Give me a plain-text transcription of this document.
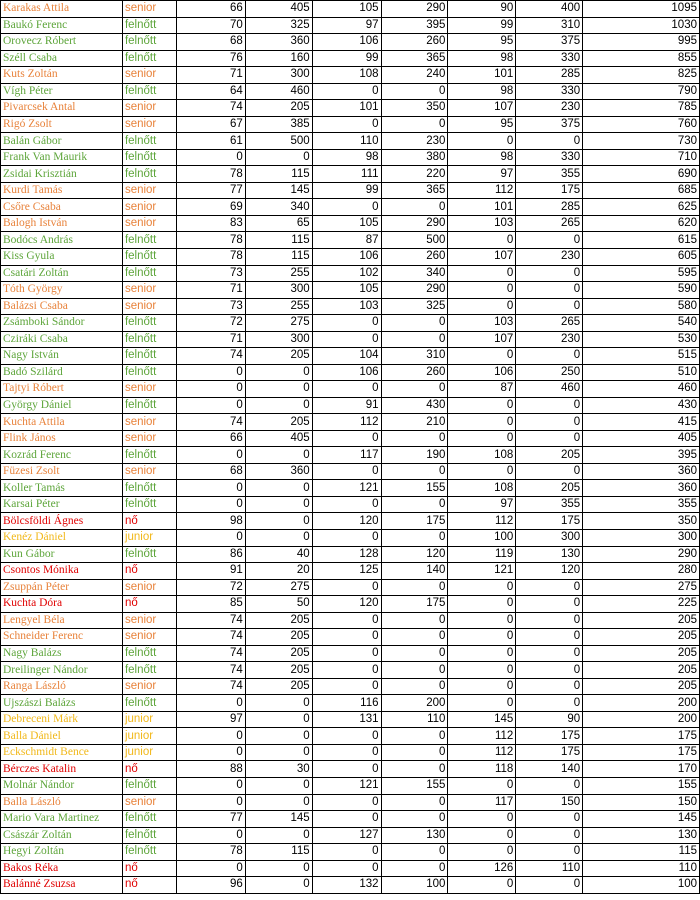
Karakas Attila	senior	66	405	105	290	90	400	1095
Baukó Ferenc	felnőtt	70	325	97	395	99	310	1030
Orovecz Róbert	felnőtt	68	360	106	260	95	375	995
Széll Csaba	felnőtt	76	160	99	365	98	330	855
Kuts Zoltán	senior	71	300	108	240	101	285	825
Vígh Péter	felnőtt	64	460	0	0	98	330	790
Pivarcsek Antal	senior	74	205	101	350	107	230	785
Rigó Zsolt	senior	67	385	0	0	95	375	760
Balán Gábor	felnőtt	61	500	110	230	0	0	730
Frank Van Maurik	felnőtt	0	0	98	380	98	330	710
Zsidai Krisztián	felnőtt	78	115	111	220	97	355	690
Kurdi Tamás	senior	77	145	99	365	112	175	685
Csőre Csaba	senior	69	340	0	0	101	285	625
Balogh István	senior	83	65	105	290	103	265	620
Bodócs András	felnőtt	78	115	87	500	0	0	615
Kiss Gyula	felnőtt	78	115	106	260	107	230	605
Csatári Zoltán	felnőtt	73	255	102	340	0	0	595
Tóth György	senior	71	300	105	290	0	0	590
Balázsi Csaba	senior	73	255	103	325	0	0	580
Zsámboki Sándor	felnőtt	72	275	0	0	103	265	540
Cziráki Csaba	felnőtt	71	300	0	0	107	230	530
Nagy István	felnőtt	74	205	104	310	0	0	515
Badó Szilárd	felnőtt	0	0	106	260	106	250	510
Tajtyi Róbert	senior	0	0	0	0	87	460	460
György Dániel	felnőtt	0	0	91	430	0	0	430
Kuchta Attila	senior	74	205	112	210	0	0	415
Flink János	senior	66	405	0	0	0	0	405
Kozrád Ferenc	felnőtt	0	0	117	190	108	205	395
Füzesi Zsolt	senior	68	360	0	0	0	0	360
Koller Tamás	felnőtt	0	0	121	155	108	205	360
Karsai Péter	felnőtt	0	0	0	0	97	355	355
Bölcsföldi Ágnes	nő	98	0	120	175	112	175	350
Kenéz Dániel	junior	0	0	0	0	100	300	300
Kun Gábor	felnőtt	86	40	128	120	119	130	290
Csontos Mónika	nő	91	20	125	140	121	120	280
Zsuppán Péter	senior	72	275	0	0	0	0	275
Kuchta Dóra	nő	85	50	120	175	0	0	225
Lengyel Béla	senior	74	205	0	0	0	0	205
Schneider Ferenc	senior	74	205	0	0	0	0	205
Nagy Balázs	felnőtt	74	205	0	0	0	0	205
Dreilinger Nándor	felnőtt	74	205	0	0	0	0	205
Ranga László	senior	74	205	0	0	0	0	205
Ujszászi Balázs	felnőtt	0	0	116	200	0	0	200
Debreceni Márk	junior	97	0	131	110	145	90	200
Balla Dániel	junior	0	0	0	0	112	175	175
Eckschmidt Bence	junior	0	0	0	0	112	175	175
Bérczes Katalin	nő	88	30	0	0	118	140	170
Molnár Nándor	felnőtt	0	0	121	155	0	0	155
Balla László	senior	0	0	0	0	117	150	150
Mario Vara Martinez	felnőtt	77	145	0	0	0	0	145
Császár Zoltán	felnőtt	0	0	127	130	0	0	130
Hegyi Zoltán	felnőtt	78	115	0	0	0	0	115
Bakos Réka	nő	0	0	0	0	126	110	110
Balánné Zsuzsa	nő	96	0	132	100	0	0	100
